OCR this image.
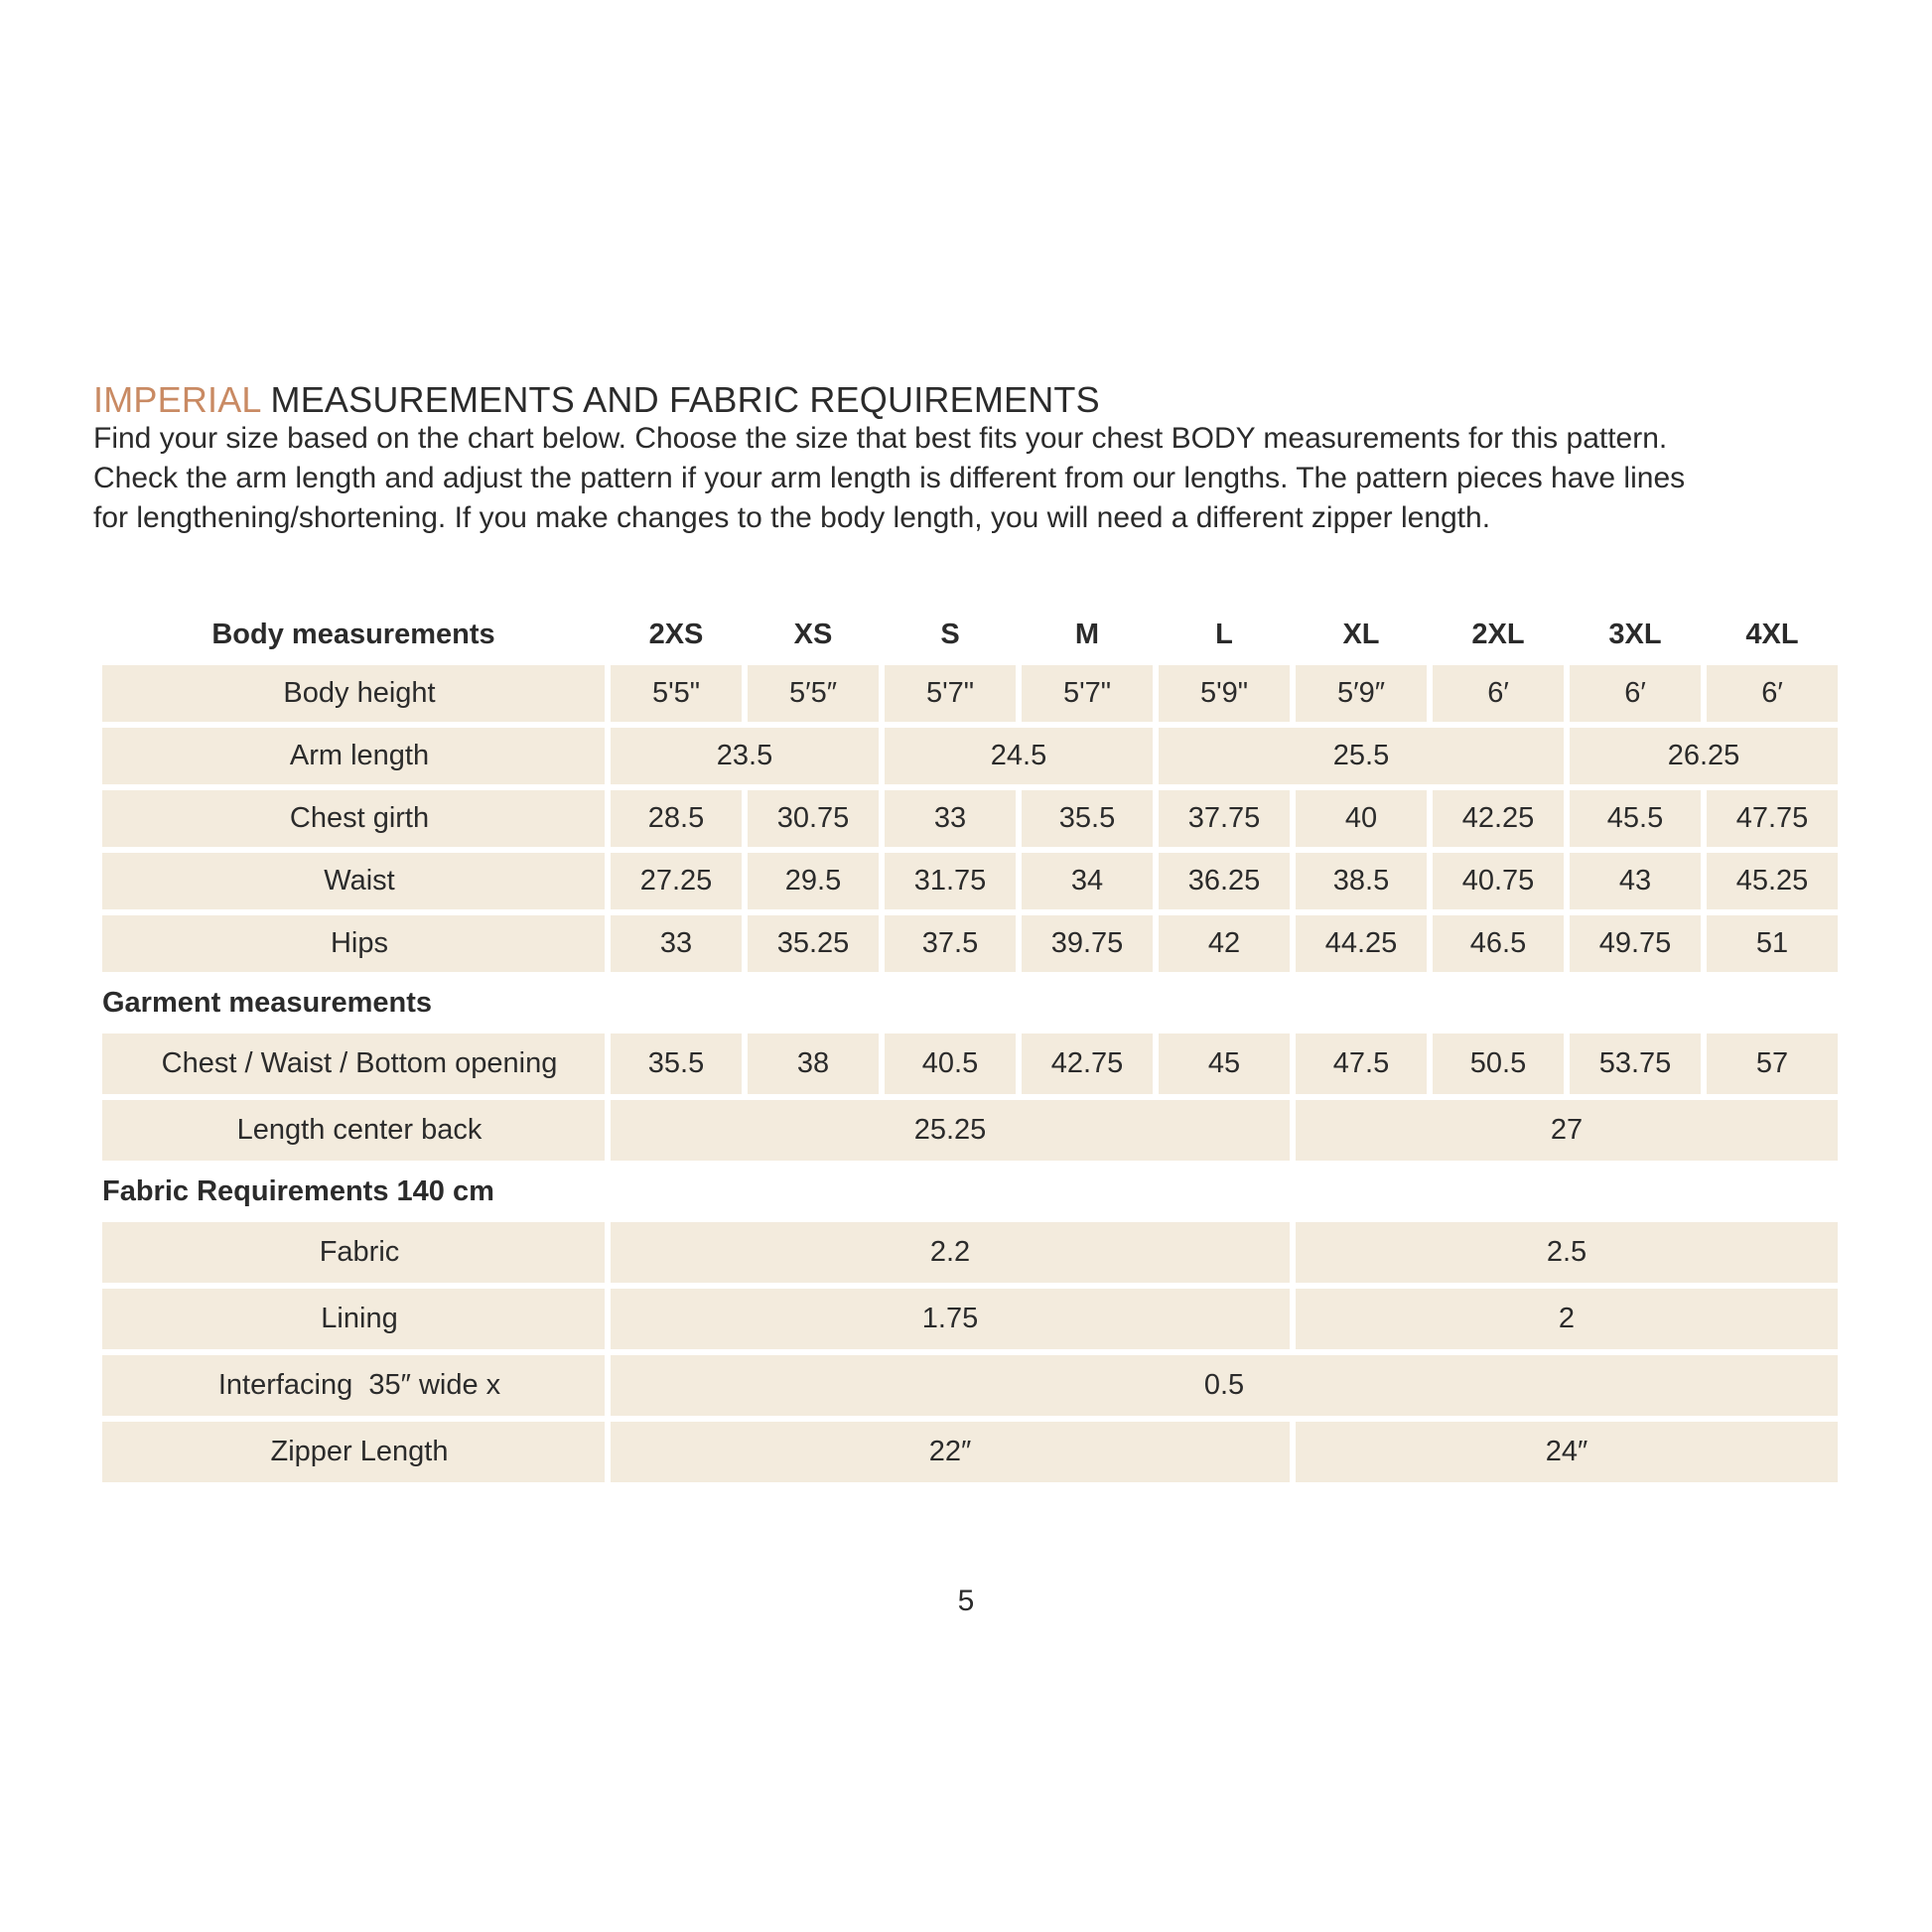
IMPERIAL MEASUREMENTS AND FABRIC REQUIREMENTS
Find your size based on the chart below. Choose the size that best fits your chest BODY measurements for this pattern.
Check the arm length and adjust the pattern if your arm length is different from our lengths. The pattern pieces have lines
for lengthening/shortening. If you make changes to the body length, you will need a different zipper length.
Body measurements	2XS	XS	S	M	L	XL	2XL	3XL	4XL
Body height	5'5"	5′5″	5'7"	5'7"	5'9"	5′9″	6′	6′	6′
Arm length	23.5		24.5		25.5			26.25	
Chest girth	28.5	30.75	33	35.5	37.75	40	42.25	45.5	47.75
Waist	27.25	29.5	31.75	34	36.25	38.5	40.75	43	45.25
Hips	33	35.25	37.5	39.75	42	44.25	46.5	49.75	51
Garment measurements									
Chest / Waist / Bottom opening	35.5	38	40.5	42.75	45	47.5	50.5	53.75	57
Length center back	25.25					27			
Fabric Requirements 140 cm									
Fabric	2.2					2.5			
Lining	1.75					2			
Interfacing  35″ wide x	0.5								
Zipper Length	22″					24″			
5
